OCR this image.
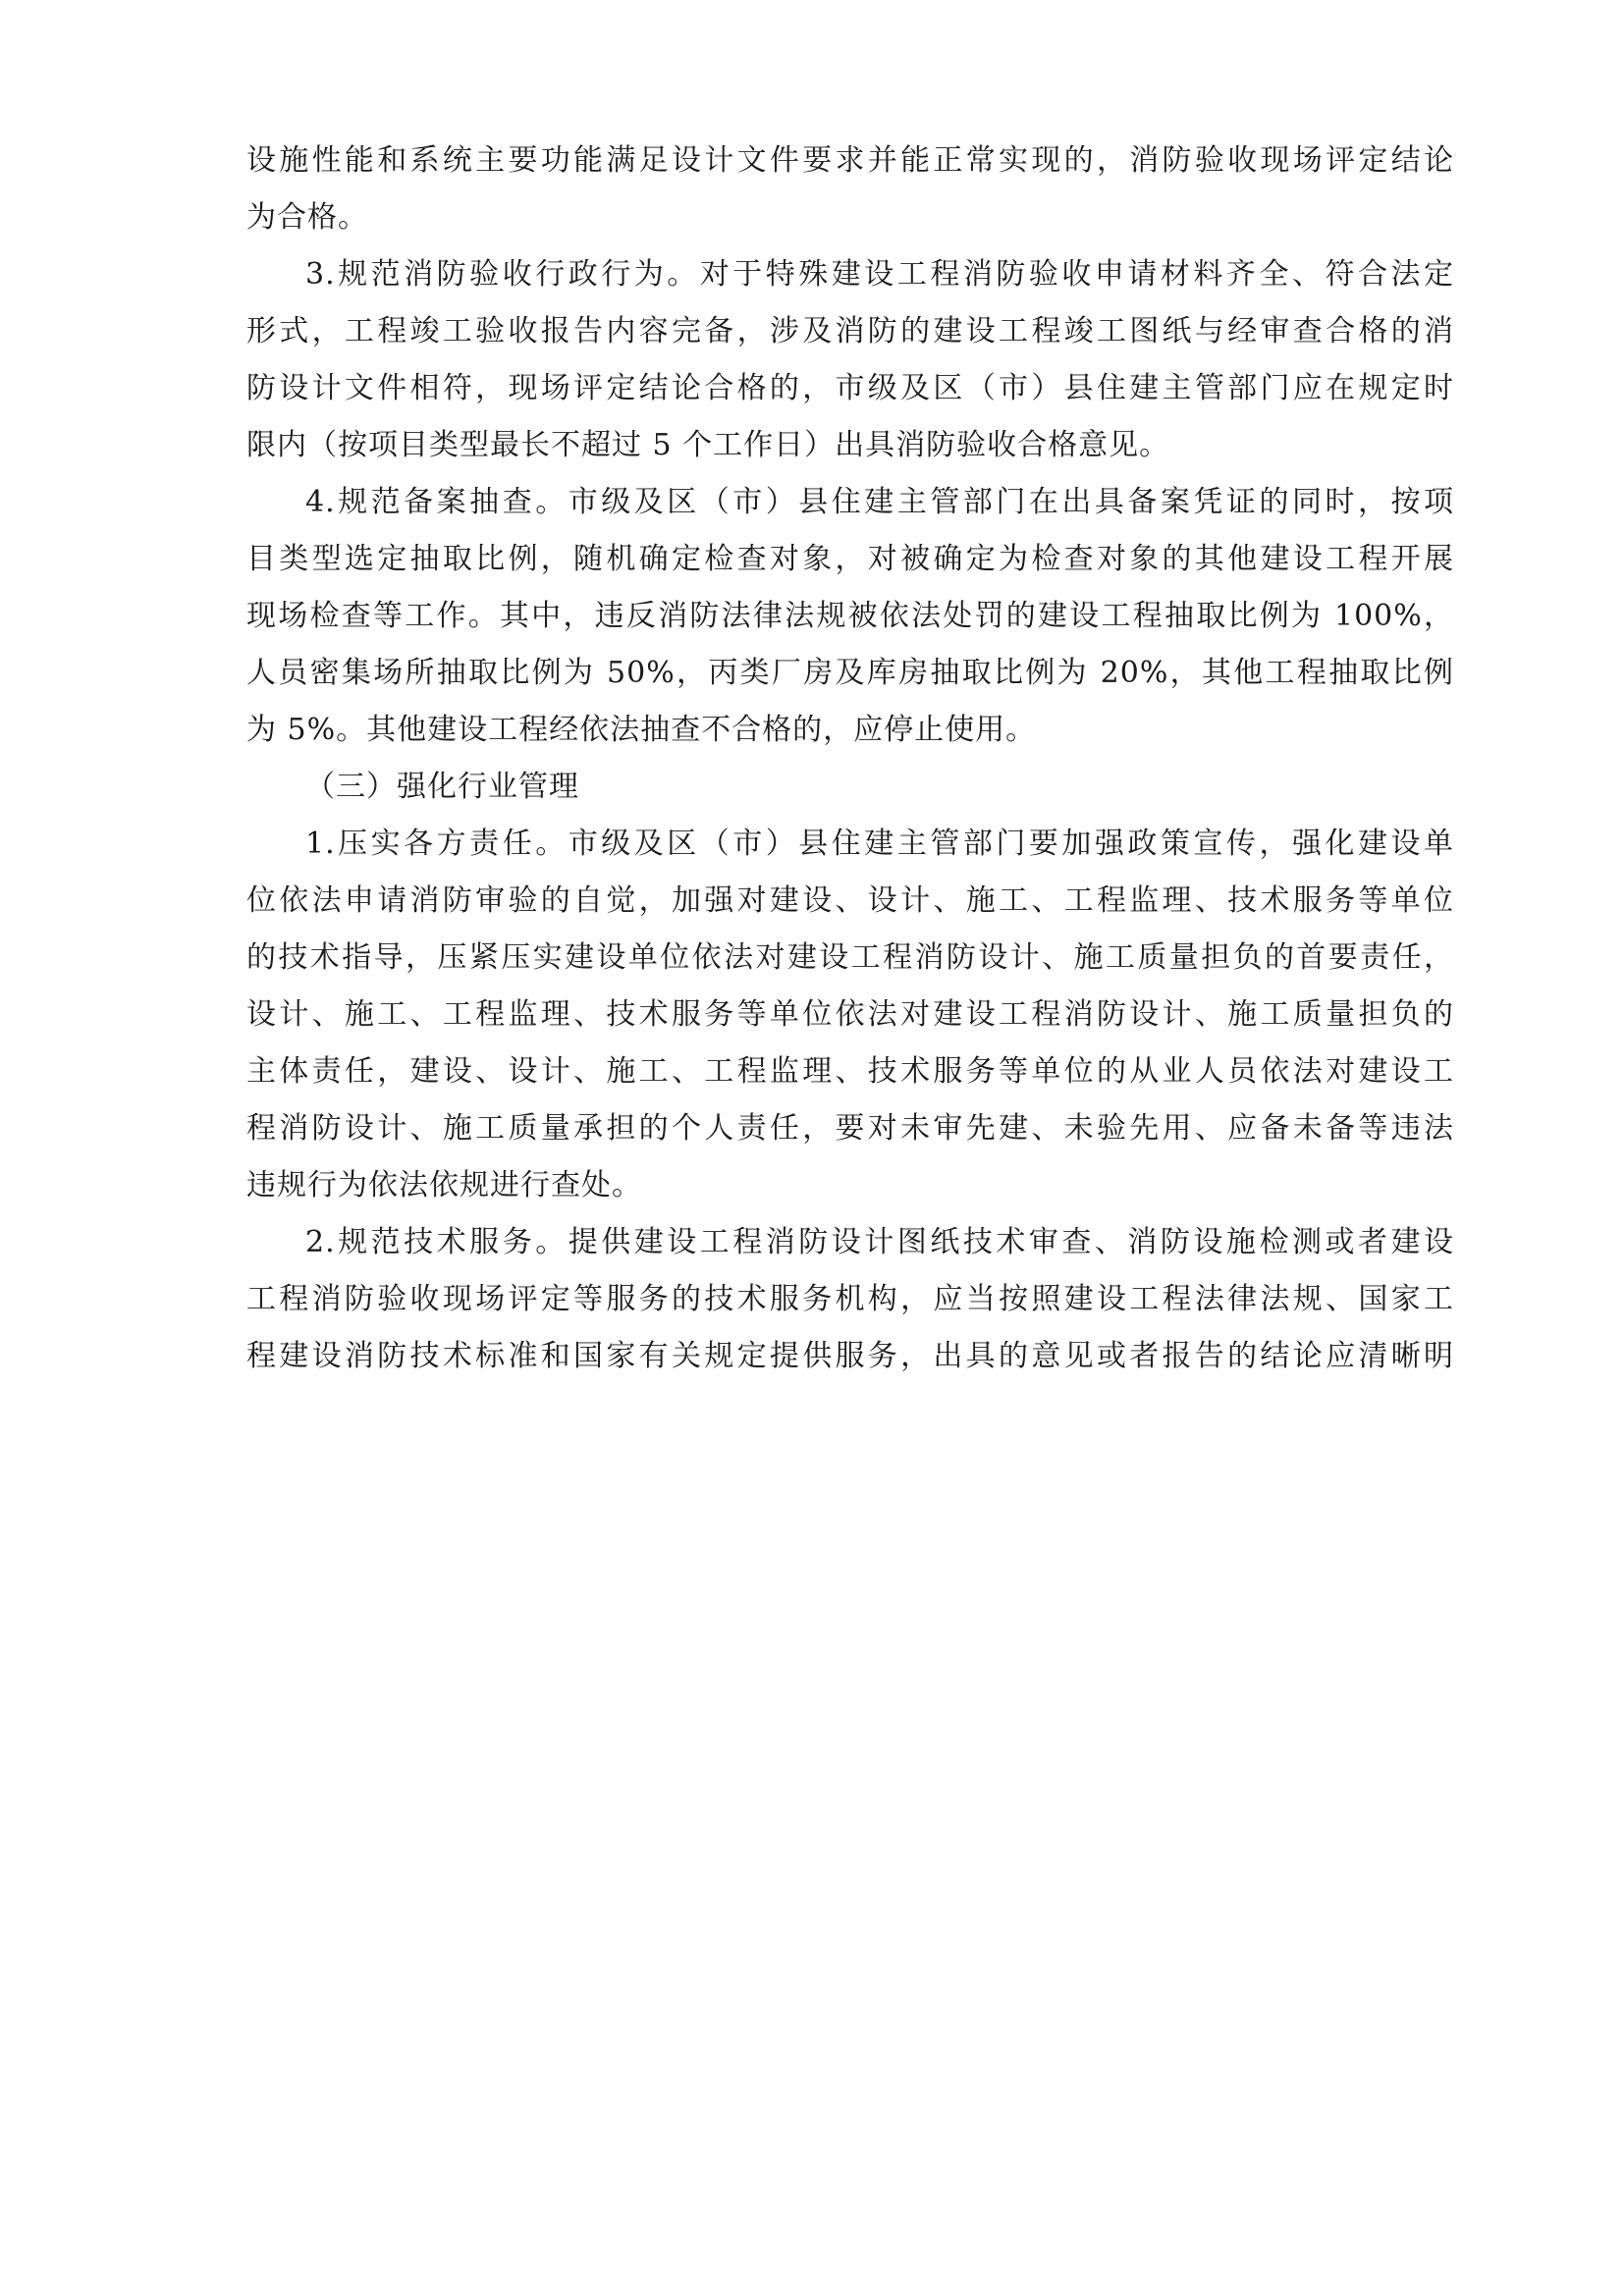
设施性能和系统主要功能满足设计文件要求并能正常实现的，消防验收现场评定结论
为合格。
3.规范消防验收行政行为。对于特殊建设工程消防验收申请材料齐全、符合法定
形式，工程竣工验收报告内容完备，涉及消防的建设工程竣工图纸与经审查合格的消
防设计文件相符，现场评定结论合格的，市级及区（市）县住建主管部门应在规定时
限内（按项目类型最长不超过 5 个工作日）出具消防验收合格意见。
4.规范备案抽查。市级及区（市）县住建主管部门在出具备案凭证的同时，按项
目类型选定抽取比例，随机确定检查对象，对被确定为检查对象的其他建设工程开展
现场检查等工作。其中，违反消防法律法规被依法处罚的建设工程抽取比例为 100%，
人员密集场所抽取比例为 50%，丙类厂房及库房抽取比例为 20%，其他工程抽取比例
为 5%。其他建设工程经依法抽查不合格的，应停止使用。
（三）强化行业管理
1.压实各方责任。市级及区（市）县住建主管部门要加强政策宣传，强化建设单
位依法申请消防审验的自觉，加强对建设、设计、施工、工程监理、技术服务等单位
的技术指导，压紧压实建设单位依法对建设工程消防设计、施工质量担负的首要责任，
设计、施工、工程监理、技术服务等单位依法对建设工程消防设计、施工质量担负的
主体责任，建设、设计、施工、工程监理、技术服务等单位的从业人员依法对建设工
程消防设计、施工质量承担的个人责任，要对未审先建、未验先用、应备未备等违法
违规行为依法依规进行查处。
2.规范技术服务。提供建设工程消防设计图纸技术审查、消防设施检测或者建设
工程消防验收现场评定等服务的技术服务机构，应当按照建设工程法律法规、国家工
程建设消防技术标准和国家有关规定提供服务，出具的意见或者报告的结论应清晰明
